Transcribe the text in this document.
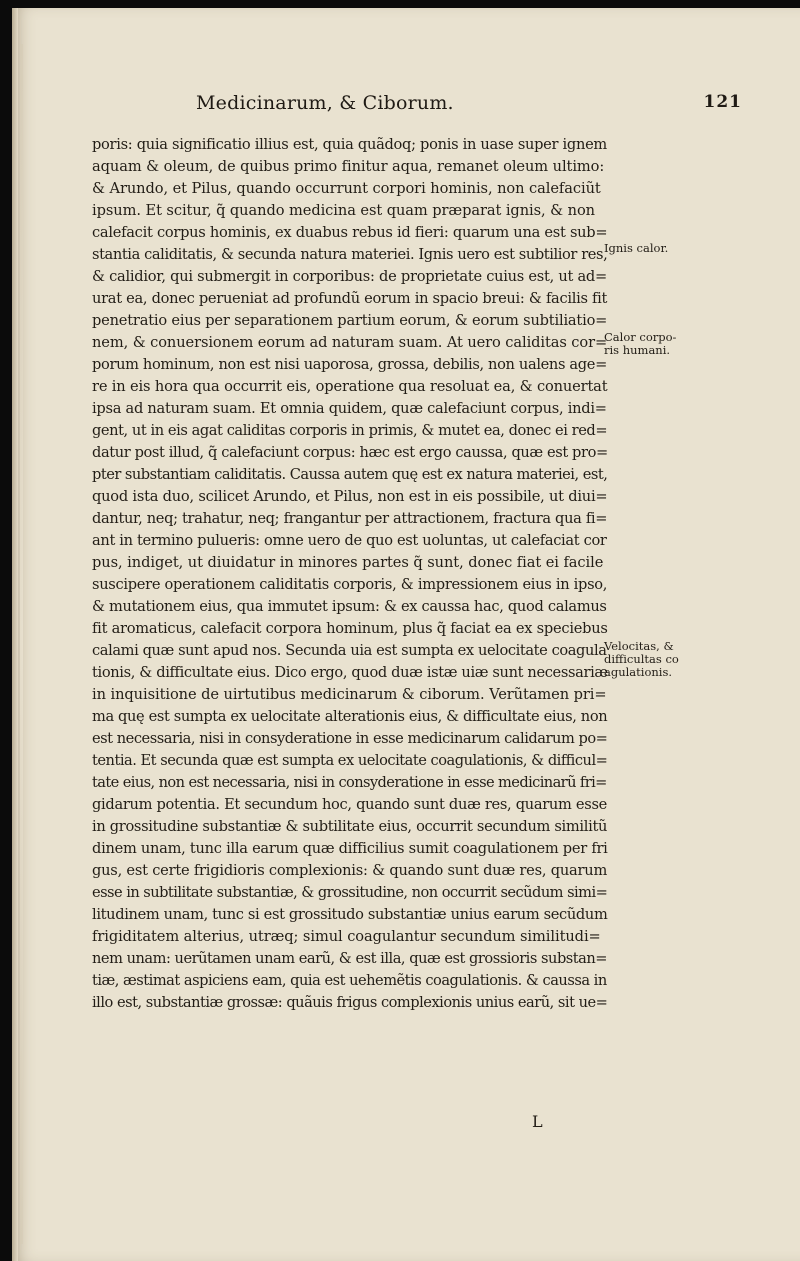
Medicinarum, & Ciborum.	121
poris: quia significatio illius est, quia quãdoq; ponis in uase super ignem
aquam & oleum, de quibus primo finitur aqua, remanet oleum ultimo:
& Arundo, et Pilus, quando occurrunt corpori hominis, non calefaciũt
ipsum. Et scitur, q̃ quando medicina est quam præparat ignis, & non
calefacit corpus hominis, ex duabus rebus id fieri: quarum una est sub=
stantia caliditatis, & secunda natura materiei. Ignis uero est subtilior res,
& calidior, qui submergit in corporibus: de proprietate cuius est, ut ad=
urat ea, donec perueniat ad profundũ eorum in spacio breui: & facilis fit
penetratio eius per separationem partium eorum, & eorum subtiliatio=
nem, & conuersionem eorum ad naturam suam. At uero caliditas cor=
porum hominum, non est nisi uaporosa, grossa, debilis, non ualens age=
re in eis hora qua occurrit eis, operatione qua resoluat ea, & conuertat
ipsa ad naturam suam. Et omnia quidem, quæ calefaciunt corpus, indi=
gent, ut in eis agat caliditas corporis in primis, & mutet ea, donec ei red=
datur post illud, q̃ calefaciunt corpus: hæc est ergo caussa, quæ est pro=
pter substantiam caliditatis. Caussa autem quę est ex natura materiei, est,
quod ista duo, scilicet Arundo, et Pilus, non est in eis possibile, ut diui=
dantur, neq; trahatur, neq; frangantur per attractionem, fractura qua fi=
ant in termino pulueris: omne uero de quo est uoluntas, ut calefaciat cor
pus, indiget, ut diuidatur in minores partes q̃ sunt, donec fiat ei facile
suscipere operationem caliditatis corporis, & impressionem eius in ipso,
& mutationem eius, qua immutet ipsum: & ex caussa hac, quod calamus
fit aromaticus, calefacit corpora hominum, plus q̃ faciat ea ex speciebus
calami quæ sunt apud nos. Secunda uia est sumpta ex uelocitate coagula
tionis, & difficultate eius. Dico ergo, quod duæ istæ uiæ sunt necessariæ
in inquisitione de uirtutibus medicinarum & ciborum. Verũtamen pri=
ma quę est sumpta ex uelocitate alterationis eius, & difficultate eius, non
est necessaria, nisi in consyderatione in esse medicinarum calidarum po=
tentia. Et secunda quæ est sumpta ex uelocitate coagulationis, & difficul=
tate eius, non est necessaria, nisi in consyderatione in esse medicinarũ fri=
gidarum potentia. Et secundum hoc, quando sunt duæ res, quarum esse
in grossitudine substantiæ & subtilitate eius, occurrit secundum similitũ
dinem unam, tunc illa earum quæ difficilius sumit coagulationem per fri
gus, est certe frigidioris complexionis: & quando sunt duæ res, quarum
esse in subtilitate substantiæ, & grossitudine, non occurrit secũdum simi=
litudinem unam, tunc si est grossitudo substantiæ unius earum secũdum
frigiditatem alterius, utræq; simul coagulantur secundum similitudi=
nem unam: uerũtamen unam earũ, & est illa, quæ est grossioris substan=
tiæ, æstimat aspiciens eam, quia est uehemẽtis coagulationis. & caussa in
illo est, substantiæ grossæ: quãuis frigus complexionis unius earũ, sit ue=
Ignis calor.
Calor corpo-
ris humani.
Velocitas, &
difficultas co
agulationis.
L
